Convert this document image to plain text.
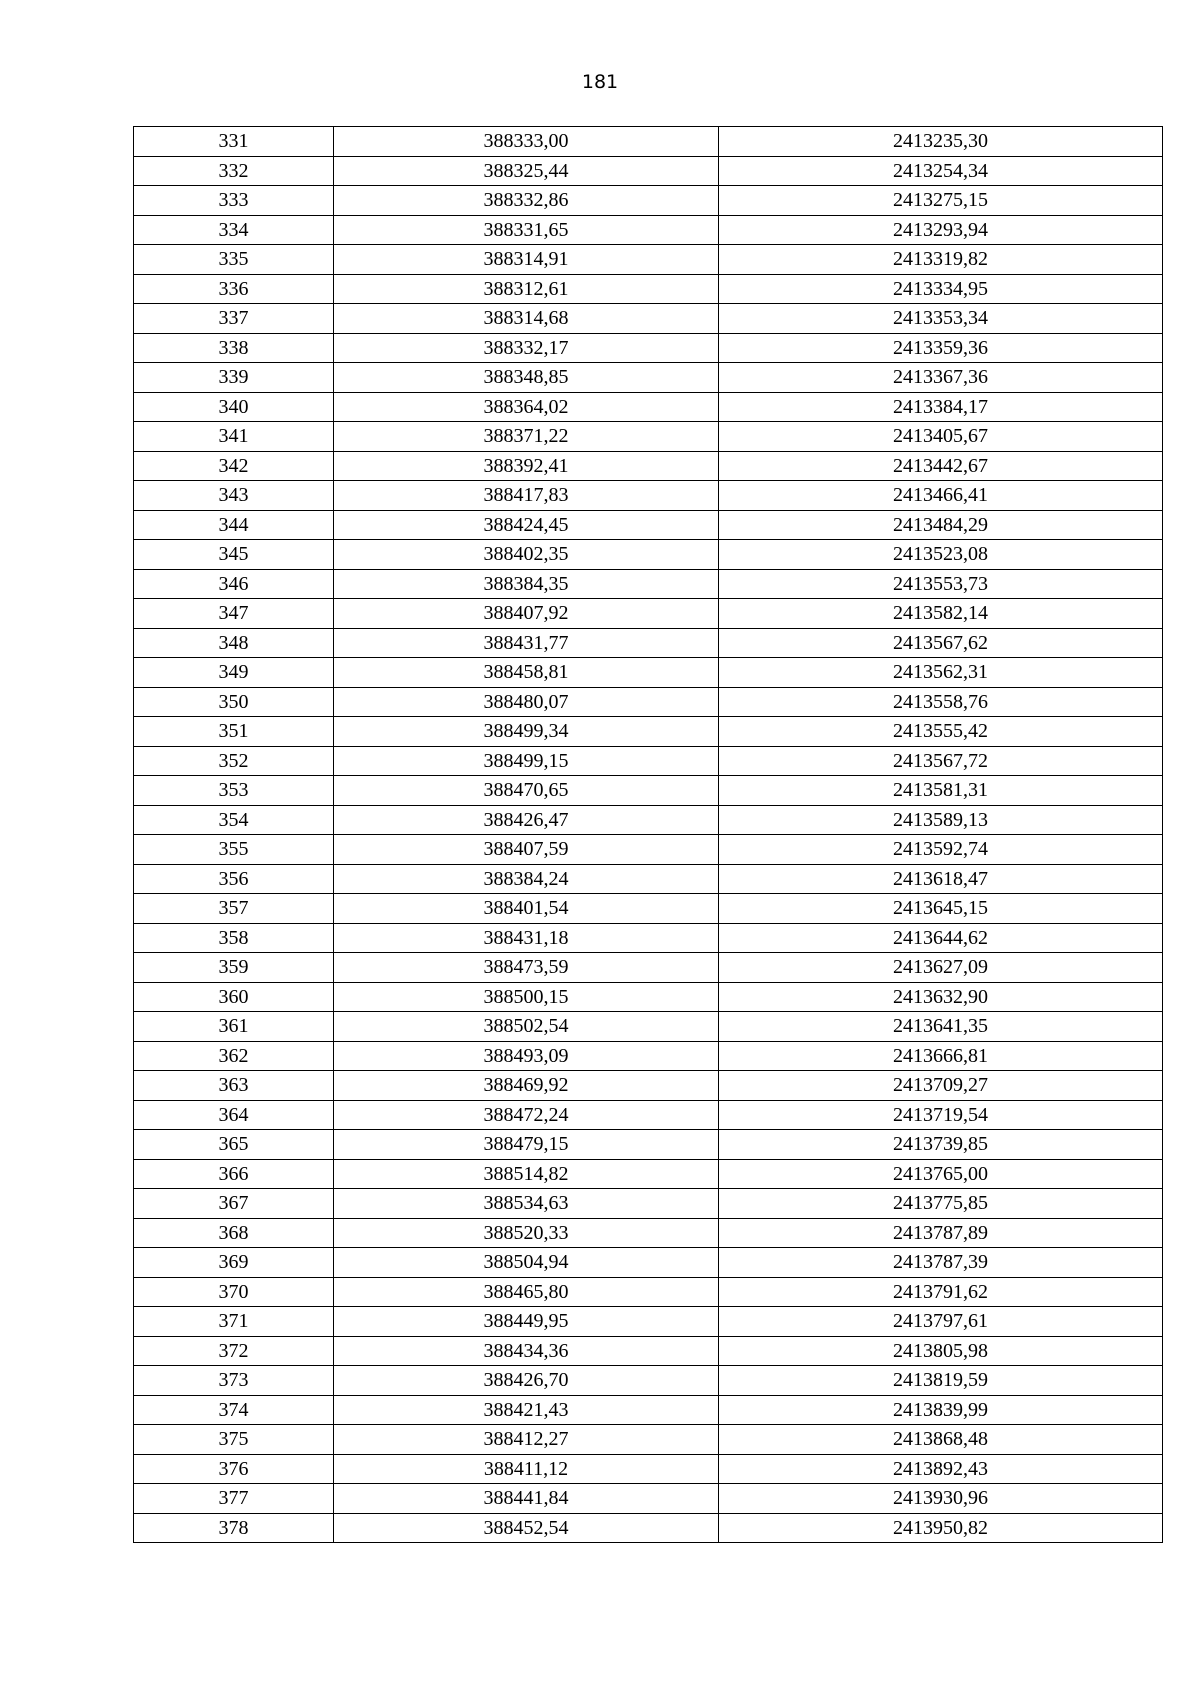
181
331	388333,00	2413235,30
332	388325,44	2413254,34
333	388332,86	2413275,15
334	388331,65	2413293,94
335	388314,91	2413319,82
336	388312,61	2413334,95
337	388314,68	2413353,34
338	388332,17	2413359,36
339	388348,85	2413367,36
340	388364,02	2413384,17
341	388371,22	2413405,67
342	388392,41	2413442,67
343	388417,83	2413466,41
344	388424,45	2413484,29
345	388402,35	2413523,08
346	388384,35	2413553,73
347	388407,92	2413582,14
348	388431,77	2413567,62
349	388458,81	2413562,31
350	388480,07	2413558,76
351	388499,34	2413555,42
352	388499,15	2413567,72
353	388470,65	2413581,31
354	388426,47	2413589,13
355	388407,59	2413592,74
356	388384,24	2413618,47
357	388401,54	2413645,15
358	388431,18	2413644,62
359	388473,59	2413627,09
360	388500,15	2413632,90
361	388502,54	2413641,35
362	388493,09	2413666,81
363	388469,92	2413709,27
364	388472,24	2413719,54
365	388479,15	2413739,85
366	388514,82	2413765,00
367	388534,63	2413775,85
368	388520,33	2413787,89
369	388504,94	2413787,39
370	388465,80	2413791,62
371	388449,95	2413797,61
372	388434,36	2413805,98
373	388426,70	2413819,59
374	388421,43	2413839,99
375	388412,27	2413868,48
376	388411,12	2413892,43
377	388441,84	2413930,96
378	388452,54	2413950,82
